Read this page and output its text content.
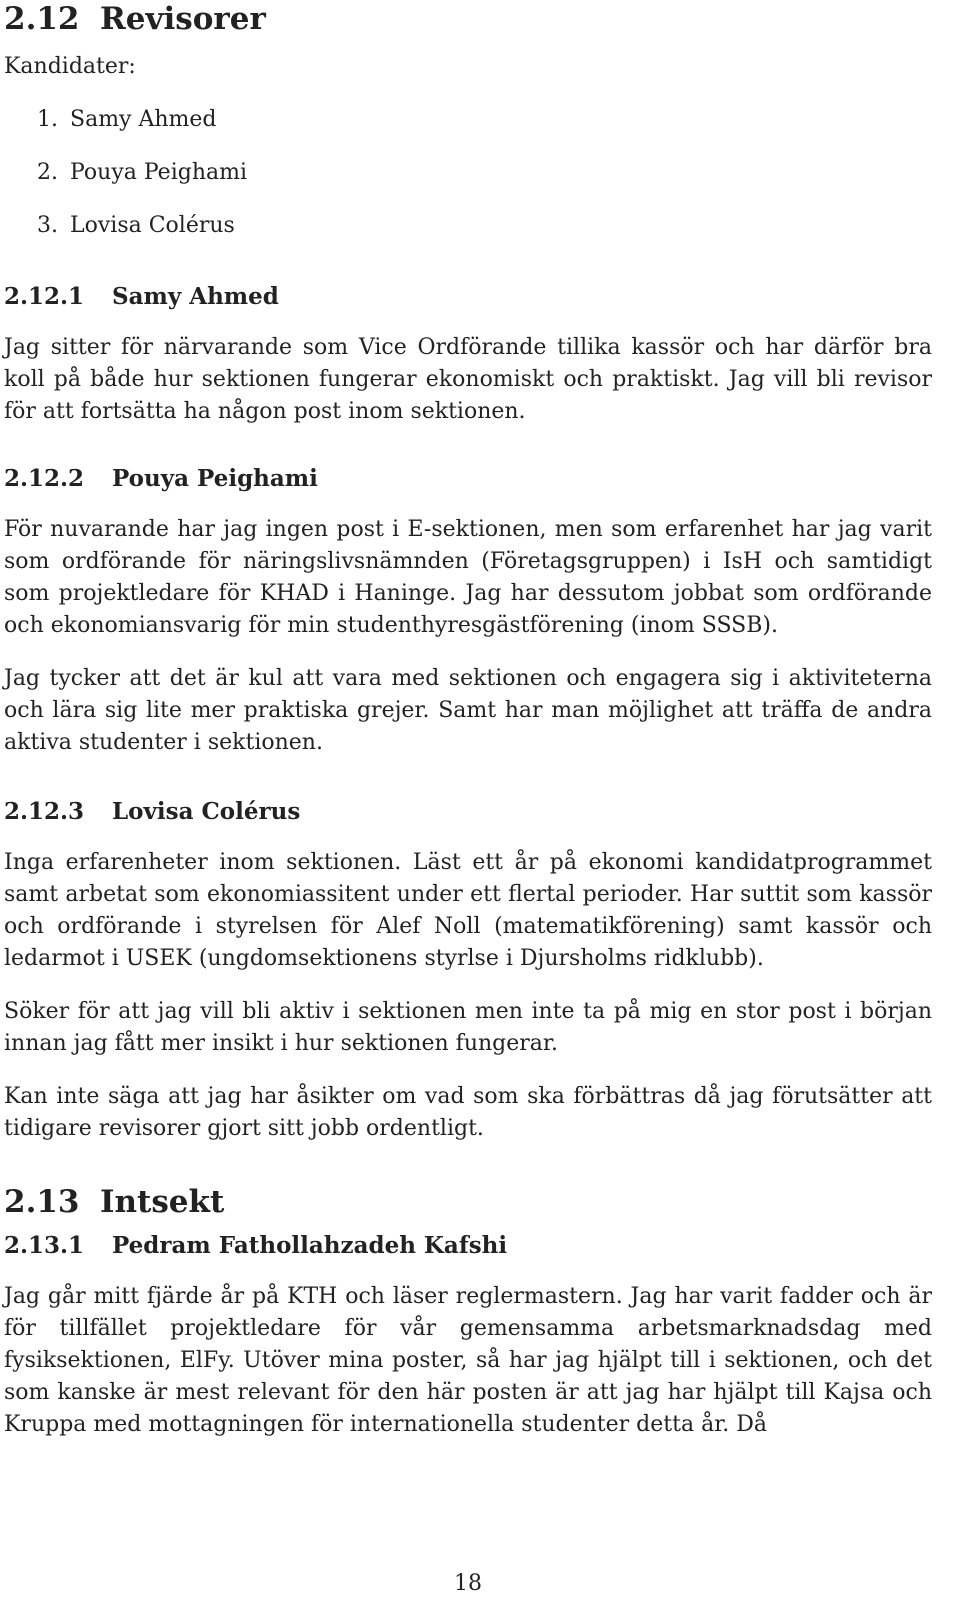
2.12 Revisorer

Kandidater:

1. Samy Ahmed
2. Pouya Peighami
3. Lovisa Colérus
2.12.1 Samy Ahmed

Jag sitter för närvarande som Vice Ordförande tillika kassör och har därför bra koll på både hur sektionen fungerar ekonomiskt och praktiskt. Jag vill bli revisor för att fortsätta ha någon post inom sektionen.

2.12.2 Pouya Peighami

För nuvarande har jag ingen post i E-sektionen, men som erfarenhet har jag varit som ordförande för näringslivsnämnden (Företagsgruppen) i IsH och samtidigt som projektledare för KHAD i Haninge. Jag har dessutom jobbat som ordförande och ekonomiansvarig för min studenthyresgästförening (inom SSSB).

Jag tycker att det är kul att vara med sektionen och engagera sig i aktiviteterna och lära sig lite mer praktiska grejer. Samt har man möjlighet att träffa de andra aktiva studenter i sektionen.

2.12.3 Lovisa Colérus

Inga erfarenheter inom sektionen. Läst ett år på ekonomi kandidatprogrammet samt arbetat som ekonomiassitent under ett flertal perioder. Har suttit som kassör och ordförande i styrelsen för Alef Noll (matematikförening) samt kassör och ledarmot i USEK (ungdomsektionens styrlse i Djursholms ridklubb).

Söker för att jag vill bli aktiv i sektionen men inte ta på mig en stor post i början innan jag fått mer insikt i hur sektionen fungerar.

Kan inte säga att jag har åsikter om vad som ska förbättras då jag förutsätter att tidigare revisorer gjort sitt jobb ordentligt.

2.13 Intsekt
2.13.1 Pedram Fathollahzadeh Kafshi

Jag går mitt fjärde år på KTH och läser reglermastern. Jag har varit fadder och är för tillfället projektledare för vår gemensamma arbetsmarknadsdag med fysiksektionen, ElFy. Utöver mina poster, så har jag hjälpt till i sektionen, och det som kanske är mest relevant för den här posten är att jag har hjälpt till Kajsa och Kruppa med mottagningen för internationella studenter detta år. Då

18
